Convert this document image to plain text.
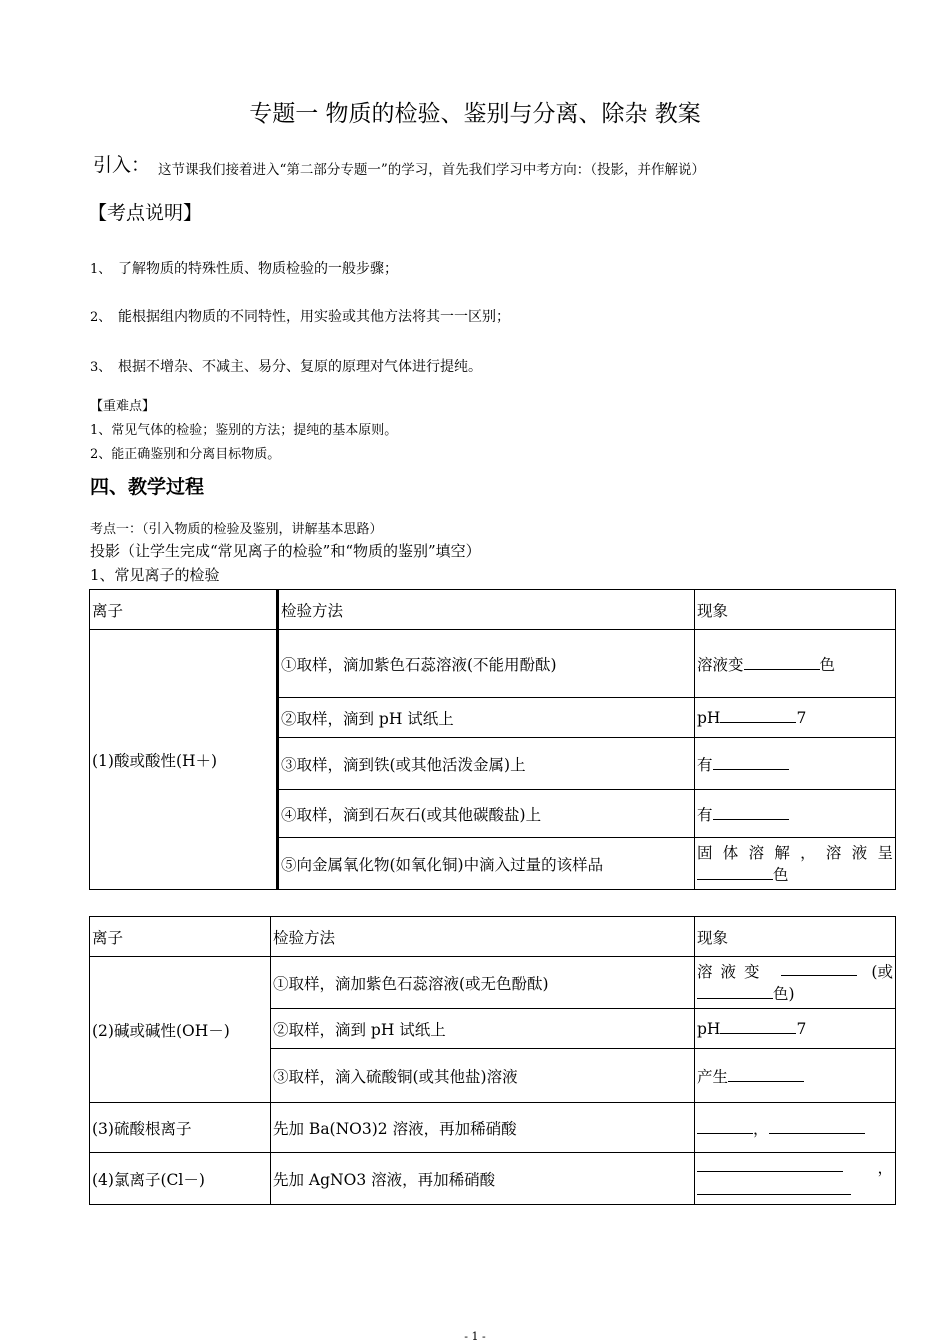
专题一 物质的检验、鉴别与分离、除杂 教案
引入： 这节课我们接着进入“第二部分专题一”的学习，首先我们学习中考方向：（投影，并作解说）
【考点说明】
1、 了解物质的特殊性质、物质检验的一般步骤；
2、 能根据组内物质的不同特性，用实验或其他方法将其一一区别；
3、 根据不增杂、不减主、易分、复原的原理对气体进行提纯。
【重难点】
1、常见气体的检验；鉴别的方法；提纯的基本原则。
2、能正确鉴别和分离目标物质。
四、教学过程
考点一：（引入物质的检验及鉴别，讲解基本思路）
投影（让学生完成“常见离子的检验”和“物质的鉴别”填空）
1、常见离子的检验
离子	检验方法	现象
(1)酸或酸性(H＋)	①取样，滴加紫色石蕊溶液(不能用酚酞)	溶液变 色
	②取样，滴到 pH 试纸上	pH 7
	③取样，滴到铁(或其他活泼金属)上	有
	④取样，滴到石灰石(或其他碳酸盐)上	有
	⑤向金属氧化物(如氧化铜)中滴入过量的该样品	固体溶解，溶液呈
色
离子	检验方法	现象
(2)碱或碱性(OH－)	①取样，滴加紫色石蕊溶液(或无色酚酞)	溶液变 (或
色)

	②取样，滴到 pH 试纸上	pH 7
	③取样，滴入硫酸铜(或其他盐)溶液	产生
(3)硫酸根离子	先加 Ba(NO3)2 溶液，再加稀硝酸	，
(4)氯离子(Cl－)	先加 AgNO3 溶液，再加稀硝酸	，
- 1 -
